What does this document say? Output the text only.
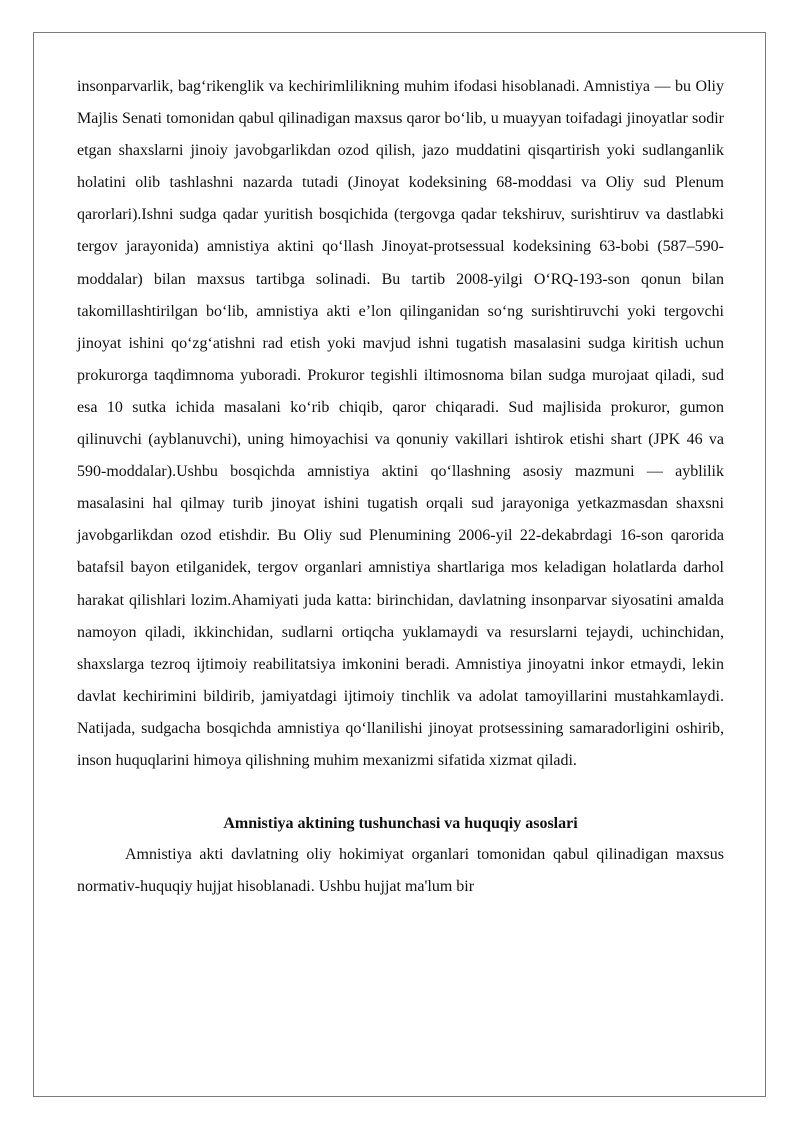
insonparvarlik, bag‘rikenglik va kechirimlilikning muhim ifodasi hisoblanadi. Amnistiya — bu Oliy Majlis Senati tomonidan qabul qilinadigan maxsus qaror bo‘lib, u muayyan toifadagi jinoyatlar sodir etgan shaxslarni jinoiy javobgarlikdan ozod qilish, jazo muddatini qisqartirish yoki sudlanganlik holatini olib tashlashni nazarda tutadi (Jinoyat kodeksining 68-moddasi va Oliy sud Plenum qarorlari).Ishni sudga qadar yuritish bosqichida (tergovga qadar tekshiruv, surishtiruv va dastlabki tergov jarayonida) amnistiya aktini qo‘llash Jinoyat-protsessual kodeksining 63-bobi (587–590-moddalar) bilan maxsus tartibga solinadi. Bu tartib 2008-yilgi O‘RQ-193-son qonun bilan takomillashtirilgan bo‘lib, amnistiya akti e’lon qilinganidan so‘ng surishtiruvchi yoki tergovchi jinoyat ishini qo‘zg‘atishni rad etish yoki mavjud ishni tugatish masalasini sudga kiritish uchun prokurorga taqdimnoma yuboradi. Prokuror tegishli iltimosnoma bilan sudga murojaat qiladi, sud esa 10 sutka ichida masalani ko‘rib chiqib, qaror chiqaradi. Sud majlisida prokuror, gumon qilinuvchi (ayblanuvchi), uning himoyachisi va qonuniy vakillari ishtirok etishi shart (JPK 46 va 590-moddalar).Ushbu bosqichda amnistiya aktini qo‘llashning asosiy mazmuni — ayblilik masalasini hal qilmay turib jinoyat ishini tugatish orqali sud jarayoniga yetkazmasdan shaxsni javobgarlikdan ozod etishdir. Bu Oliy sud Plenumining 2006-yil 22-dekabrdagi 16-son qarorida batafsil bayon etilganidek, tergov organlari amnistiya shartlariga mos keladigan holatlarda darhol harakat qilishlari lozim.Ahamiyati juda katta: birinchidan, davlatning insonparvar siyosatini amalda namoyon qiladi, ikkinchidan, sudlarni ortiqcha yuklamaydi va resurslarni tejaydi, uchinchidan, shaxslarga tezroq ijtimoiy reabilitatsiya imkonini beradi. Amnistiya jinoyatni inkor etmaydi, lekin davlat kechirimini bildirib, jamiyatdagi ijtimoiy tinchlik va adolat tamoyillarini mustahkamlaydi. Natijada, sudgacha bosqichda amnistiya qo‘llanilishi jinoyat protsessining samaradorligini oshirib, inson huquqlarini himoya qilishning muhim mexanizmi sifatida xizmat qiladi.

Amnistiya aktining tushunchasi va huquqiy asoslari

Amnistiya akti davlatning oliy hokimiyat organlari tomonidan qabul qilinadigan maxsus normativ-huquqiy hujjat hisoblanadi. Ushbu hujjat ma'lum bir
